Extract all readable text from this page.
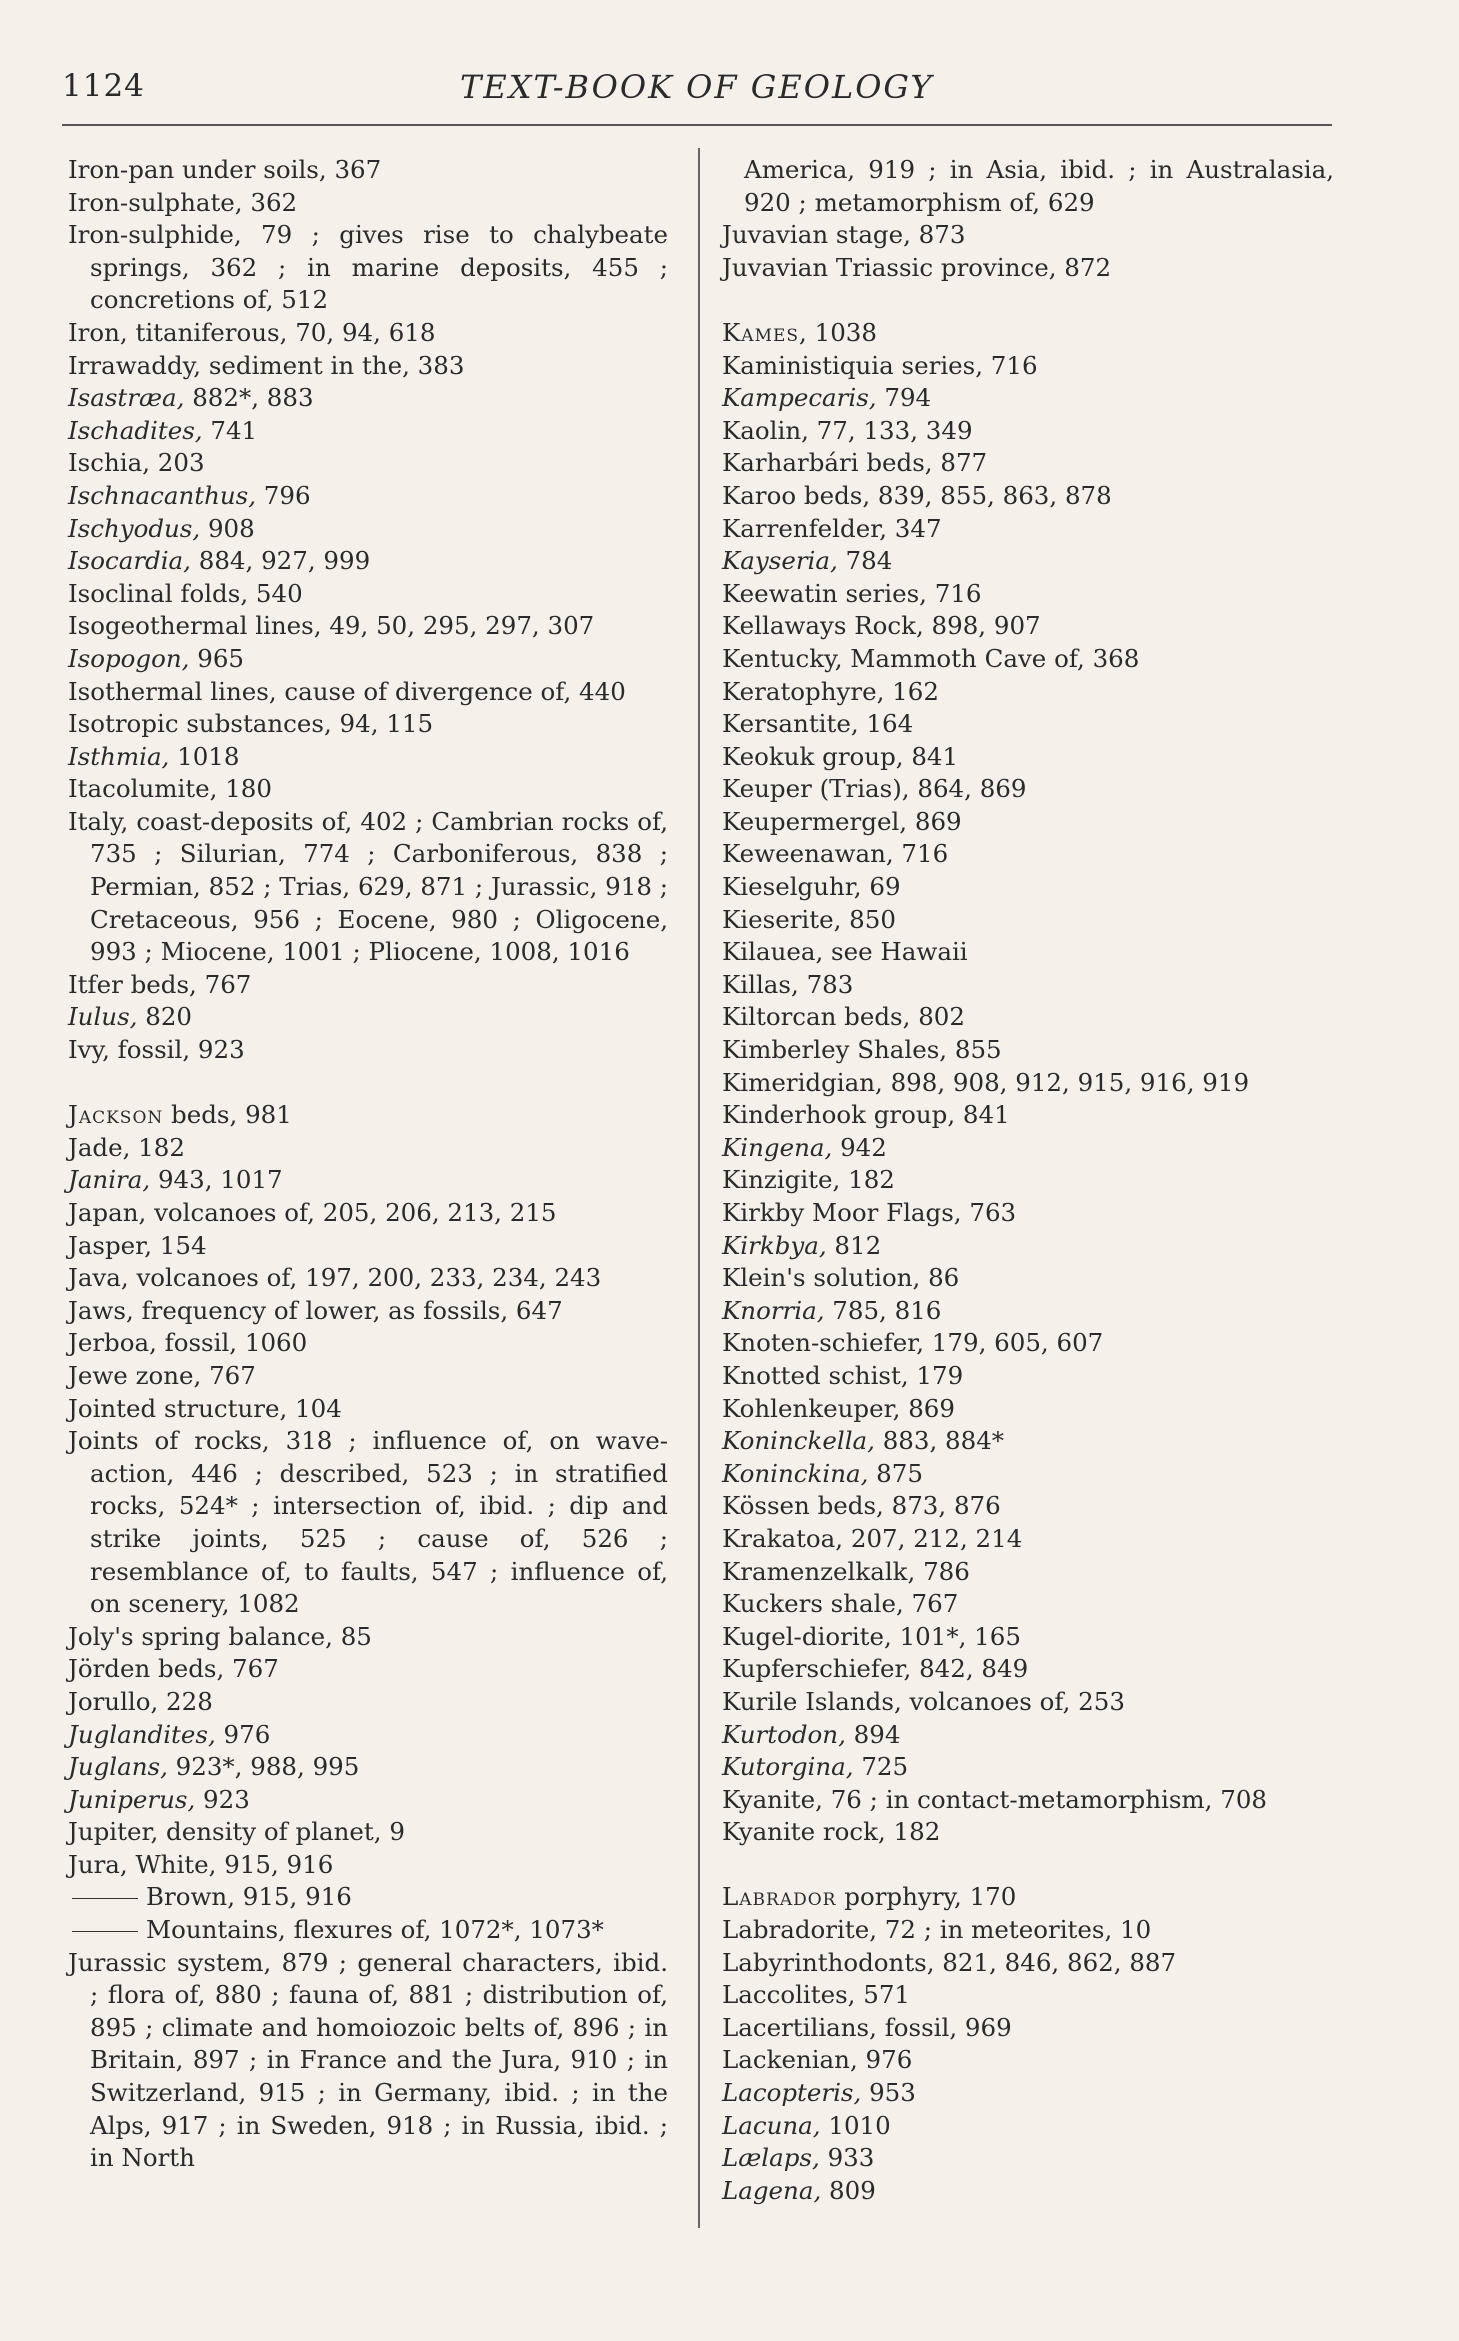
1124	TEXT-BOOK OF GEOLOGY
Iron-pan under soils, 367
Iron-sulphate, 362
Iron-sulphide, 79 ; gives rise to chalybeate springs, 362 ; in marine deposits, 455 ; concretions of, 512
Iron, titaniferous, 70, 94, 618
Irrawaddy, sediment in the, 383
Isastræa, 882*, 883
Ischadites, 741
Ischia, 203
Ischnacanthus, 796
Ischyodus, 908
Isocardia, 884, 927, 999
Isoclinal folds, 540
Isogeothermal lines, 49, 50, 295, 297, 307
Isopogon, 965
Isothermal lines, cause of divergence of, 440
Isotropic substances, 94, 115
Isthmia, 1018
Itacolumite, 180
Italy, coast-deposits of, 402 ; Cambrian rocks of, 735 ; Silurian, 774 ; Carboniferous, 838 ; Permian, 852 ; Trias, 629, 871 ; Jurassic, 918 ; Cretaceous, 956 ; Eocene, 980 ; Oligocene, 993 ; Miocene, 1001 ; Pliocene, 1008, 1016
Itfer beds, 767
Iulus, 820
Ivy, fossil, 923
Jackson beds, 981
Jade, 182
Janira, 943, 1017
Japan, volcanoes of, 205, 206, 213, 215
Jasper, 154
Java, volcanoes of, 197, 200, 233, 234, 243
Jaws, frequency of lower, as fossils, 647
Jerboa, fossil, 1060
Jewe zone, 767
Jointed structure, 104
Joints of rocks, 318 ; influence of, on wave-action, 446 ; described, 523 ; in stratified rocks, 524* ; intersection of, ibid. ; dip and strike joints, 525 ; cause of, 526 ; resemblance of, to faults, 547 ; influence of, on scenery, 1082
Joly's spring balance, 85
Jörden beds, 767
Jorullo, 228
Juglandites, 976
Juglans, 923*, 988, 995
Juniperus, 923
Jupiter, density of planet, 9
Jura, White, 915, 916
Brown, 915, 916
Mountains, flexures of, 1072*, 1073*
Jurassic system, 879 ; general characters, ibid. ; flora of, 880 ; fauna of, 881 ; distribution of, 895 ; climate and homoiozoic belts of, 896 ; in Britain, 897 ; in France and the Jura, 910 ; in Switzerland, 915 ; in Germany, ibid. ; in the Alps, 917 ; in Sweden, 918 ; in Russia, ibid. ; in North
America, 919 ; in Asia, ibid. ; in Australasia, 920 ; metamorphism of, 629
Juvavian stage, 873
Juvavian Triassic province, 872
Kames, 1038
Kaministiquia series, 716
Kampecaris, 794
Kaolin, 77, 133, 349
Karharbári beds, 877
Karoo beds, 839, 855, 863, 878
Karrenfelder, 347
Kayseria, 784
Keewatin series, 716
Kellaways Rock, 898, 907
Kentucky, Mammoth Cave of, 368
Keratophyre, 162
Kersantite, 164
Keokuk group, 841
Keuper (Trias), 864, 869
Keupermergel, 869
Keweenawan, 716
Kieselguhr, 69
Kieserite, 850
Kilauea, see Hawaii
Killas, 783
Kiltorcan beds, 802
Kimberley Shales, 855
Kimeridgian, 898, 908, 912, 915, 916, 919
Kinderhook group, 841
Kingena, 942
Kinzigite, 182
Kirkby Moor Flags, 763
Kirkbya, 812
Klein's solution, 86
Knorria, 785, 816
Knoten-schiefer, 179, 605, 607
Knotted schist, 179
Kohlenkeuper, 869
Koninckella, 883, 884*
Koninckina, 875
Kössen beds, 873, 876
Krakatoa, 207, 212, 214
Kramenzelkalk, 786
Kuckers shale, 767
Kugel-diorite, 101*, 165
Kupferschiefer, 842, 849
Kurile Islands, volcanoes of, 253
Kurtodon, 894
Kutorgina, 725
Kyanite, 76 ; in contact-metamorphism, 708
Kyanite rock, 182
Labrador porphyry, 170
Labradorite, 72 ; in meteorites, 10
Labyrinthodonts, 821, 846, 862, 887
Laccolites, 571
Lacertilians, fossil, 969
Lackenian, 976
Lacopteris, 953
Lacuna, 1010
Lælaps, 933
Lagena, 809
